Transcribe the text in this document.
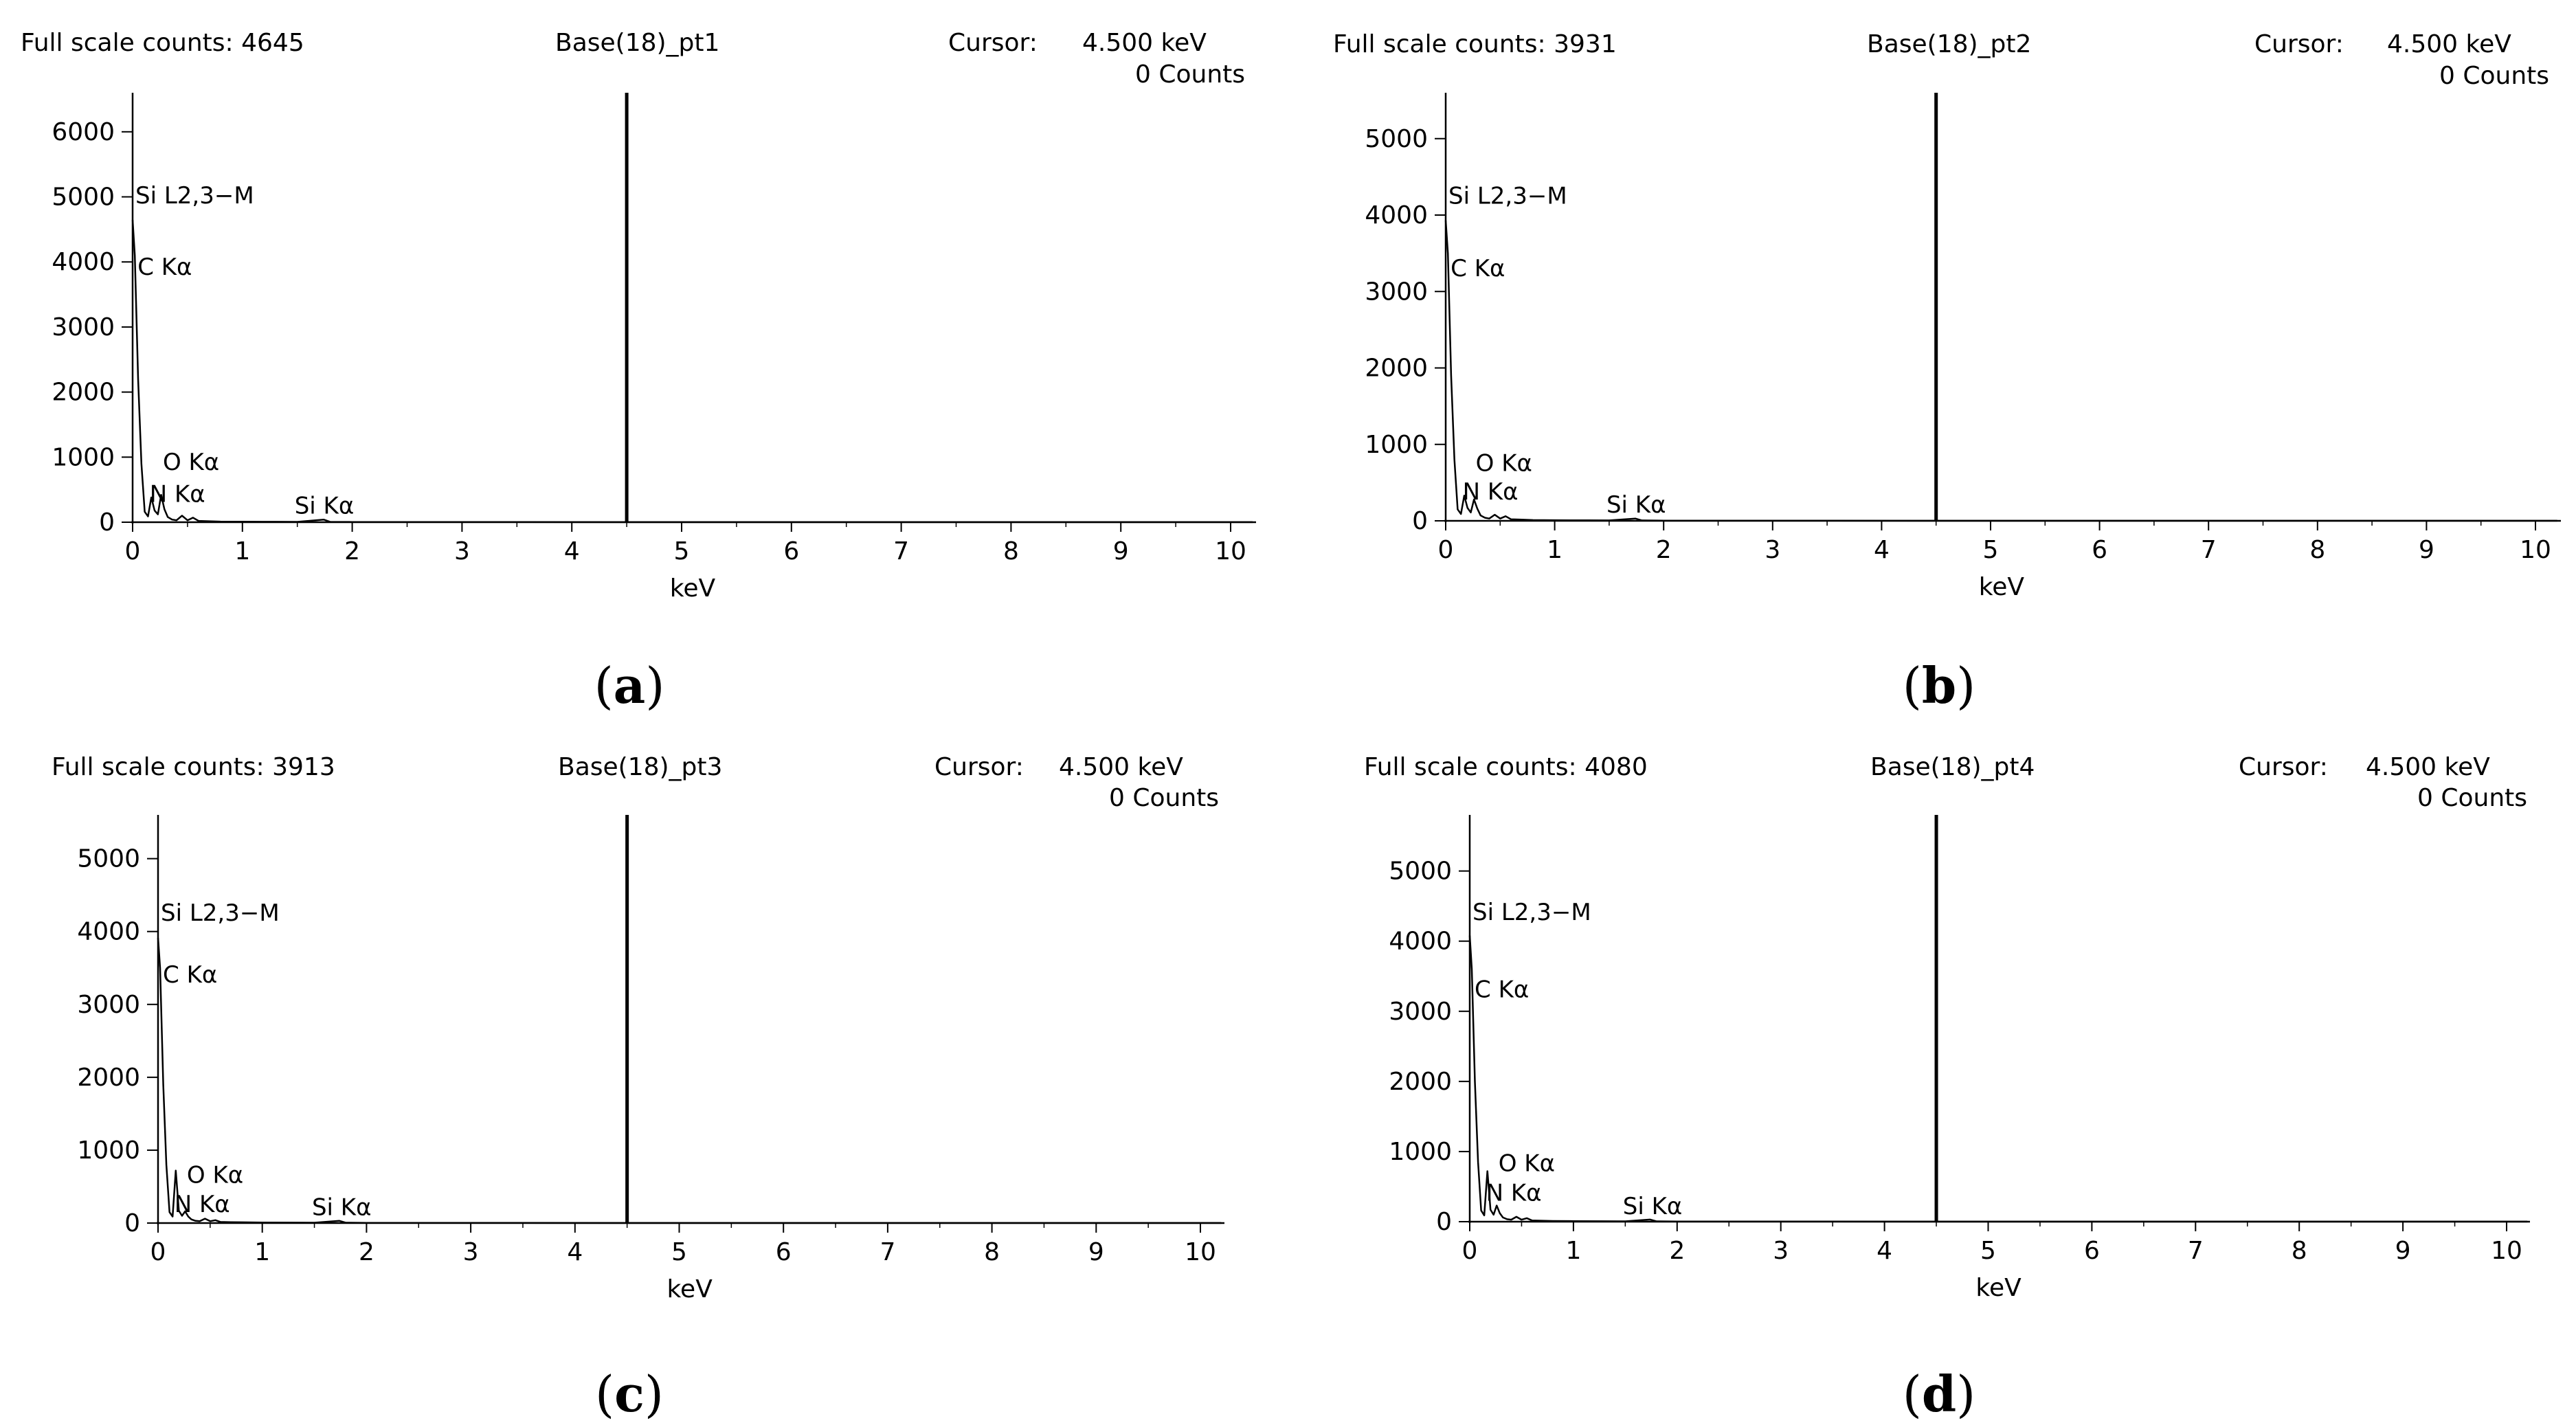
Full scale counts: 4645	Base(18)_pt1	Cursor: 4.500 keV
0 Counts
0	1	2	3	4	5	6	7	8	9	10
0
1000
2000
3000
4000
5000
6000
keV
Si L2,3−M
C Kα
O Kα
N Kα	Si Kα
(a)
Full scale counts: 3931	Base(18)_pt2	Cursor: 4.500 keV
0 Counts
0	1	2	3	4	5	6	7	8	9	10
0
1000
2000
3000
4000
5000
keV
Si L2,3−M
C Kα
O Kα
N Kα	Si Kα
(b)
Full scale counts: 3913	Base(18)_pt3	Cursor: 4.500 keV
0 Counts
0	1	2	3	4	5	6	7	8	9	10
0
1000
2000
3000
4000
5000
keV
Si L2,3−M
C Kα
O Kα
N Kα	Si Kα
(c)
Full scale counts: 4080	Base(18)_pt4	Cursor: 4.500 keV
0 Counts
0	1	2	3	4	5	6	7	8	9	10
0
1000
2000
3000
4000
5000
keV
Si L2,3−M
C Kα
O Kα
N Kα	Si Kα
(d)
